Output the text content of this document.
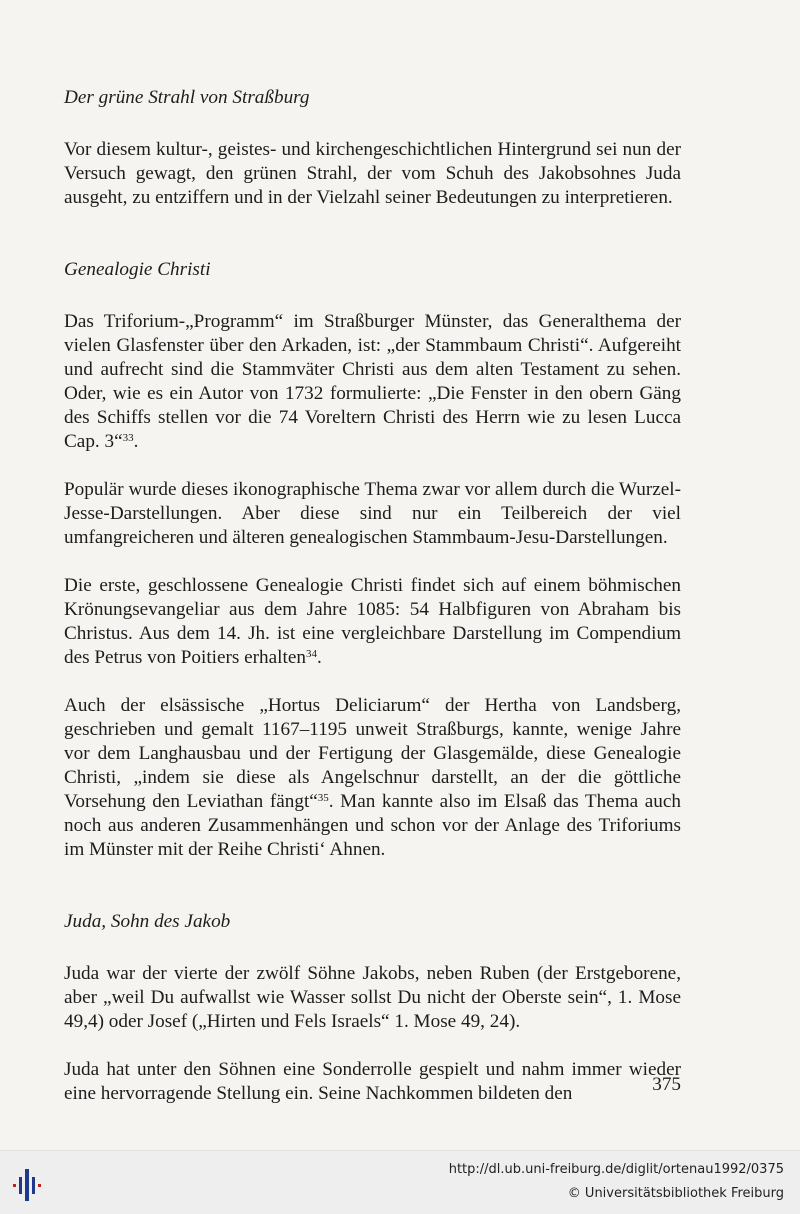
Der grüne Strahl von Straßburg

Vor diesem kultur-, geistes- und kirchengeschichtlichen Hintergrund sei nun der Versuch gewagt, den grünen Strahl, der vom Schuh des Jakobsohnes Juda ausgeht, zu entziffern und in der Vielzahl seiner Bedeutungen zu interpretieren.

Genealogie Christi

Das Triforium-„Programm“ im Straßburger Münster, das Generalthema der vielen Glasfenster über den Arkaden, ist: „der Stammbaum Christi“. Aufgereiht und aufrecht sind die Stammväter Christi aus dem alten Testament zu sehen. Oder, wie es ein Autor von 1732 formulierte: „Die Fenster in den obern Gäng des Schiffs stellen vor die 74 Voreltern Christi des Herrn wie zu lesen Lucca Cap. 3“$^{33}$.

Populär wurde dieses ikonographische Thema zwar vor allem durch die Wurzel-Jesse-Darstellungen. Aber diese sind nur ein Teilbereich der viel umfangreicheren und älteren genealogischen Stammbaum-Jesu-Darstellungen.

Die erste, geschlossene Genealogie Christi findet sich auf einem böhmischen Krönungsevangeliar aus dem Jahre 1085: 54 Halbfiguren von Abraham bis Christus. Aus dem 14. Jh. ist eine vergleichbare Darstellung im Compendium des Petrus von Poitiers erhalten$^{34}$.

Auch der elsässische „Hortus Deliciarum“ der Hertha von Landsberg, geschrieben und gemalt 1167–1195 unweit Straßburgs, kannte, wenige Jahre vor dem Langhausbau und der Fertigung der Glasgemälde, diese Genealogie Christi, „indem sie diese als Angelschnur darstellt, an der die göttliche Vorsehung den Leviathan fängt“$^{35}$. Man kannte also im Elsaß das Thema auch noch aus anderen Zusammenhängen und schon vor der Anlage des Triforiums im Münster mit der Reihe Christi‘ Ahnen.

Juda, Sohn des Jakob

Juda war der vierte der zwölf Söhne Jakobs, neben Ruben (der Erstgeborene, aber „weil Du aufwallst wie Wasser sollst Du nicht der Oberste sein“, 1. Mose 49,4) oder Josef („Hirten und Fels Israels“ 1. Mose 49, 24).

Juda hat unter den Söhnen eine Sonderrolle gespielt und nahm immer wieder eine hervorragende Stellung ein. Seine Nachkommen bildeten den	375
http://dl.ub.uni-freiburg.de/diglit/ortenau1992/0375
© Universitätsbibliothek Freiburg
